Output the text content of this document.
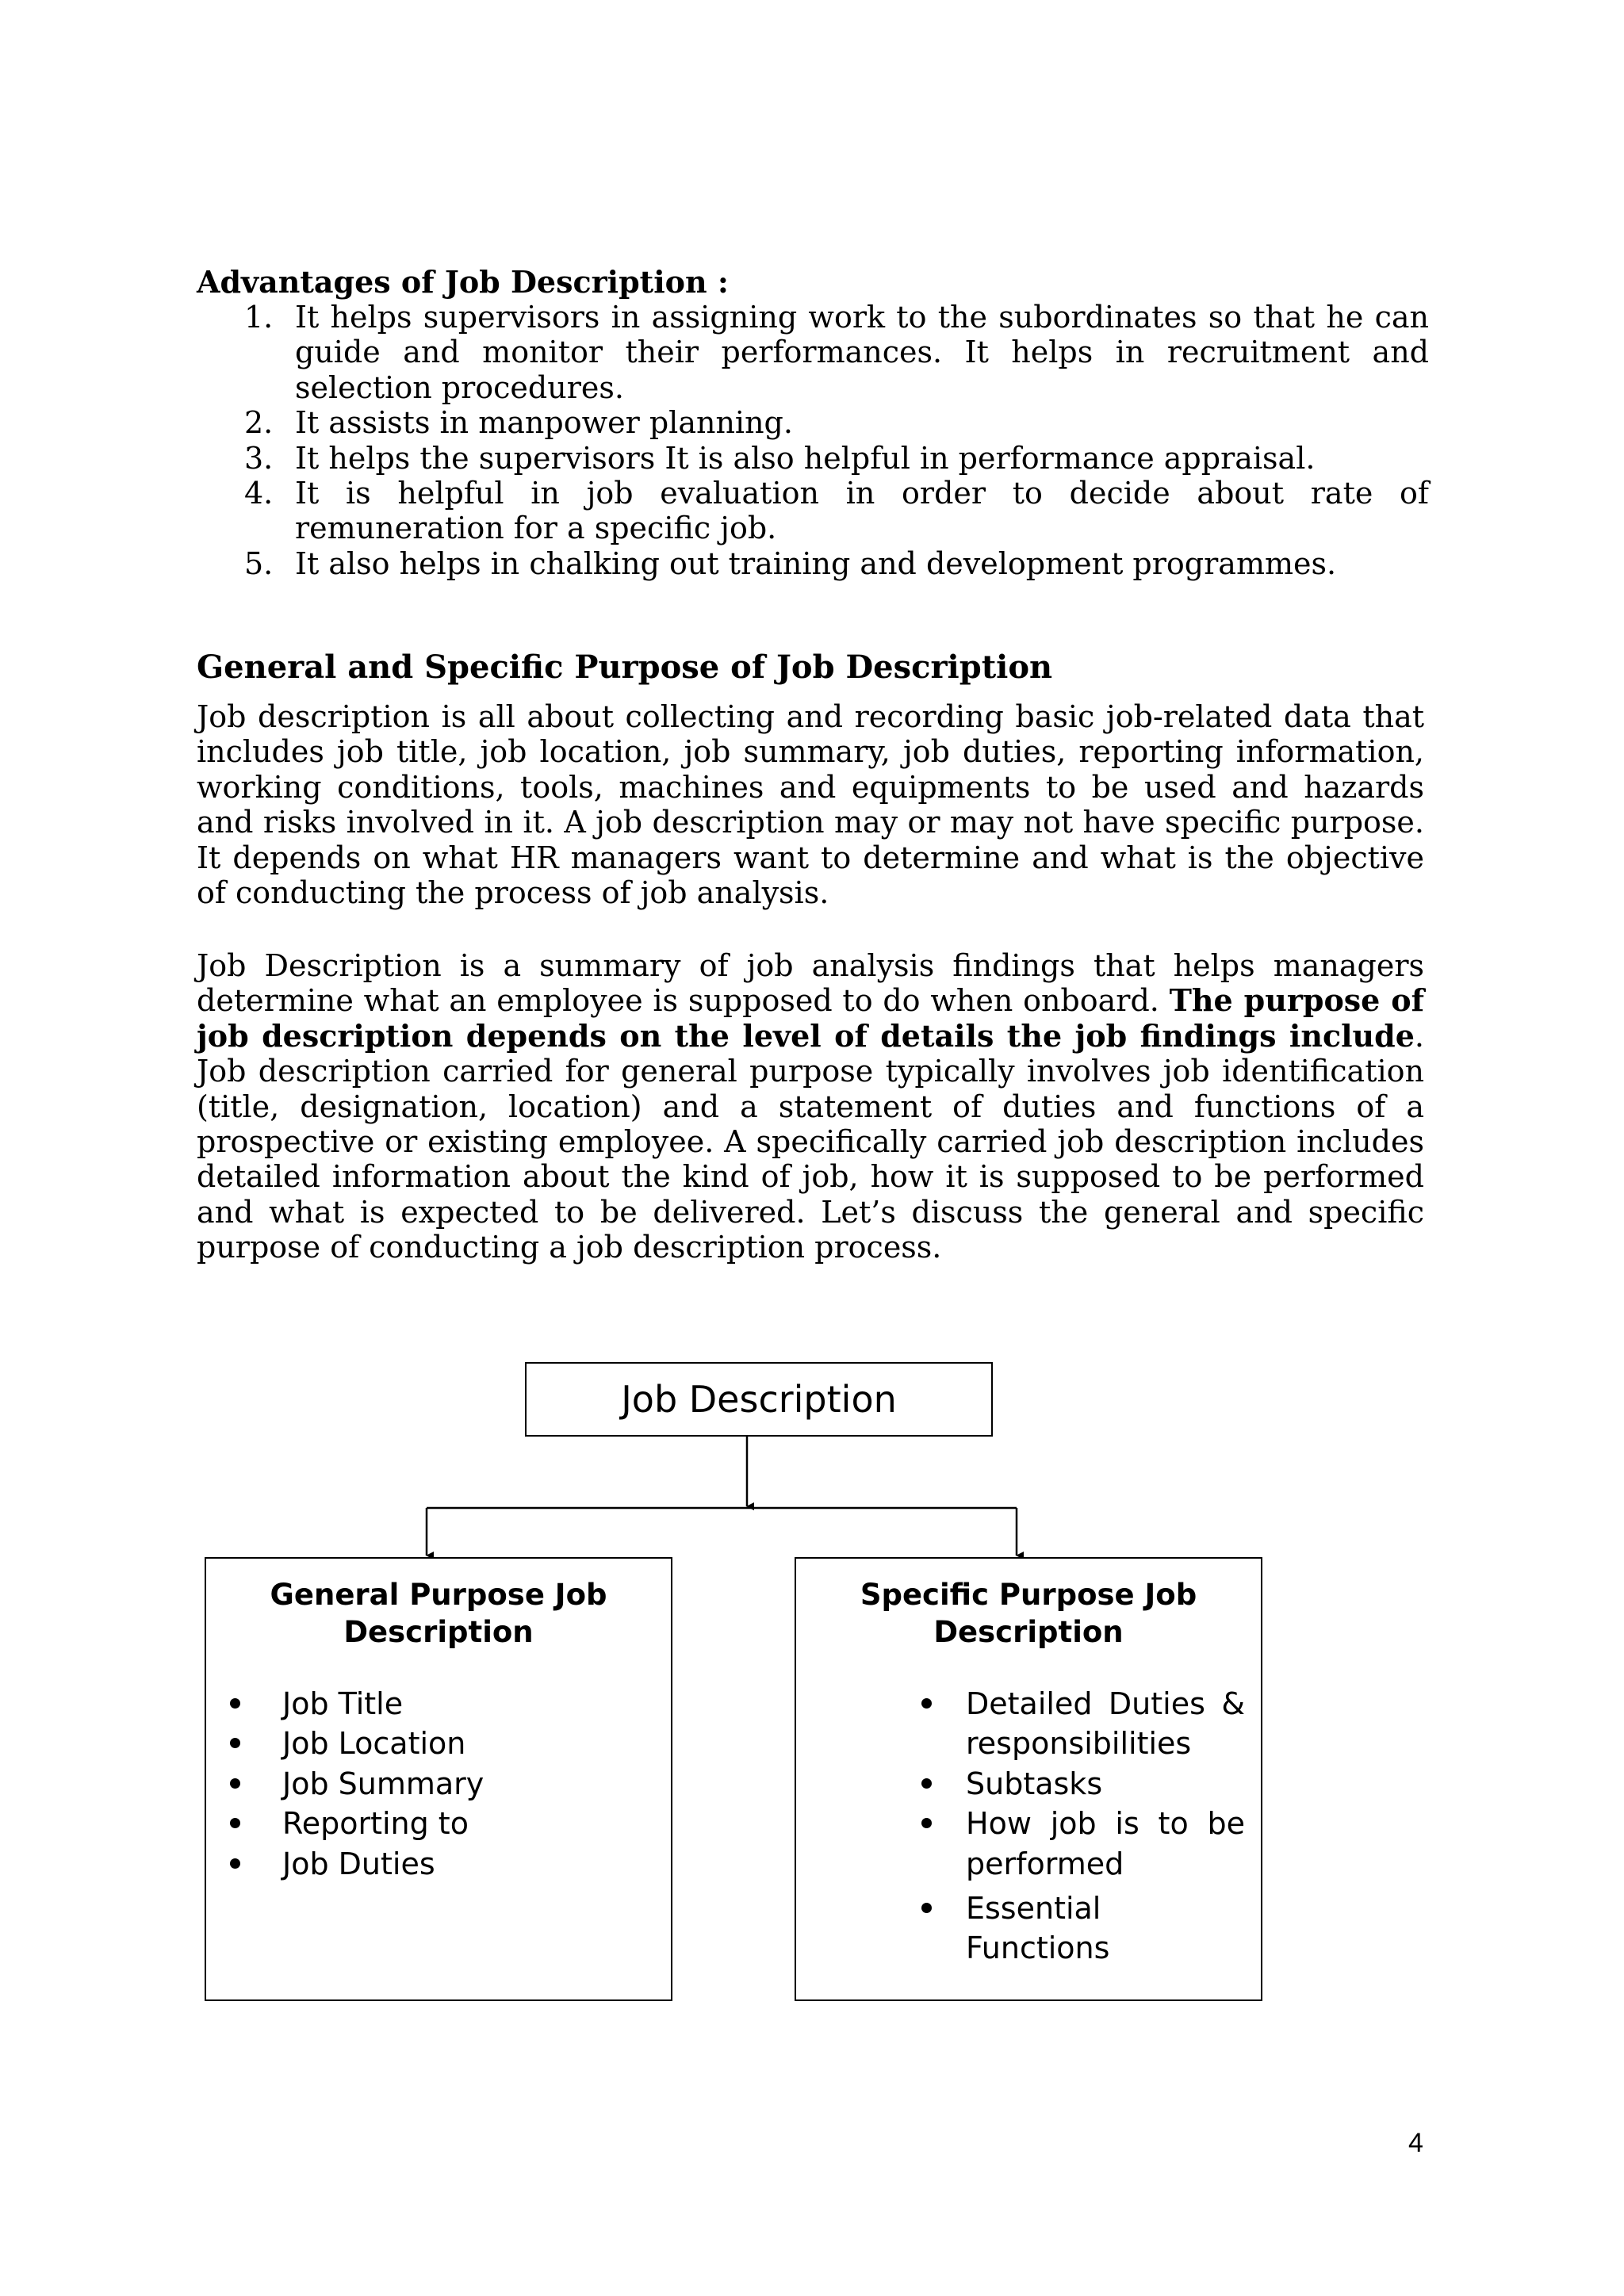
Advantages of Job Description :
1. It helps supervisors in assigning work to the subordinates so that he can guide and monitor their performances. It helps in recruitment and selection procedures.
2. It assists in manpower planning.
3. It helps the supervisors It is also helpful in performance appraisal.
4. It is helpful in job evaluation in order to decide about rate of remuneration for a specific job.
5. It also helps in chalking out training and development programmes.
General and Specific Purpose of Job Description

Job description is all about collecting and recording basic job-related data that includes job title, job location, job summary, job duties, reporting information, working conditions, tools, machines and equipments to be used and hazards and risks involved in it. A job description may or may not have specific purpose. It depends on what HR managers want to determine and what is the objective of conducting the process of job analysis.

Job Description is a summary of job analysis findings that helps managers determine what an employee is supposed to do when onboard. The purpose of job description depends on the level of details the job findings include. Job description carried for general purpose typically involves job identification (title, designation, location) and a statement of duties and functions of a prospective or existing employee. A specifically carried job description includes detailed information about the kind of job, how it is supposed to be performed and what is expected to be delivered. Let’s discuss the general and specific purpose of conducting a job description process.

Job Description
General Purpose Job
Description
Job Title
Job Location
Job Summary
Reporting to
Job Duties
Specific Purpose Job
Description
Detailed Duties & responsibilities
Subtasks
How job is to be performed
Essential Functions
4
